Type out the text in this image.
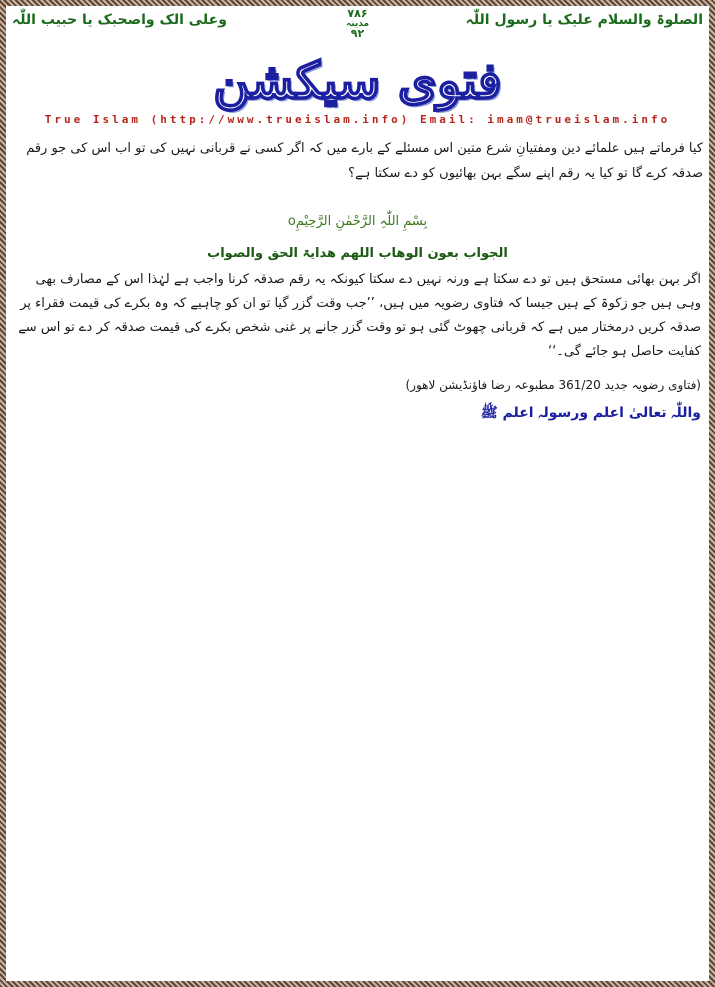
وعلی الک واصحبک یا حبیب اللّٰہ	۷۸۶
مدینہ
۹۲
الصلوۃ والسلام علیک یا رسول اللّٰہ
فتوی سیکشن
True Islam (http://www.trueislam.info) Email: imam@trueislam.info
کیا فرماتے ہیں علمائے دین ومفتیانِ شرع متین اس مسئلے کے بارے میں کہ اگر کسی نے قربانی نہیں کی تو اب اس کی جو رقم صدقہ کرے گا تو کیا یہ رقم اپنے سگے بہن بھائیوں کو دے سکتا ہے؟
بِسْمِ اللّٰہِ الرَّحْمٰنِ الرَّحِیْمِo
الجواب بعون الوھاب اللھم ھدایۃ الحق والصواب
اگر بہن بھائی مستحق ہیں تو دے سکتا ہے ورنہ نہیں دے سکتا کیونکہ یہ رقم صدقہ کرنا واجب ہے لہٰذا اس کے مصارف بھی وہی ہیں جو زکوۃ کے ہیں جیسا کہ فتاوی رضویہ میں ہیں، ’’جب وقت گزر گیا تو ان کو چاہیے کہ وہ بکرے کی قیمت فقراء پر صدقہ کریں درمختار میں ہے کہ قربانی چھوٹ گئی ہو تو وقت گزر جانے پر غنی شخص بکرے کی قیمت صدقہ کر دے تو اس سے کفایت حاصل ہو جائے گی۔‘‘
(فتاوی رضویہ جدید 361/20 مطبوعہ رضا فاؤنڈیشن لاھور)
واللّٰہ تعالیٰ اعلم ورسولہ اعلم ﷺ
